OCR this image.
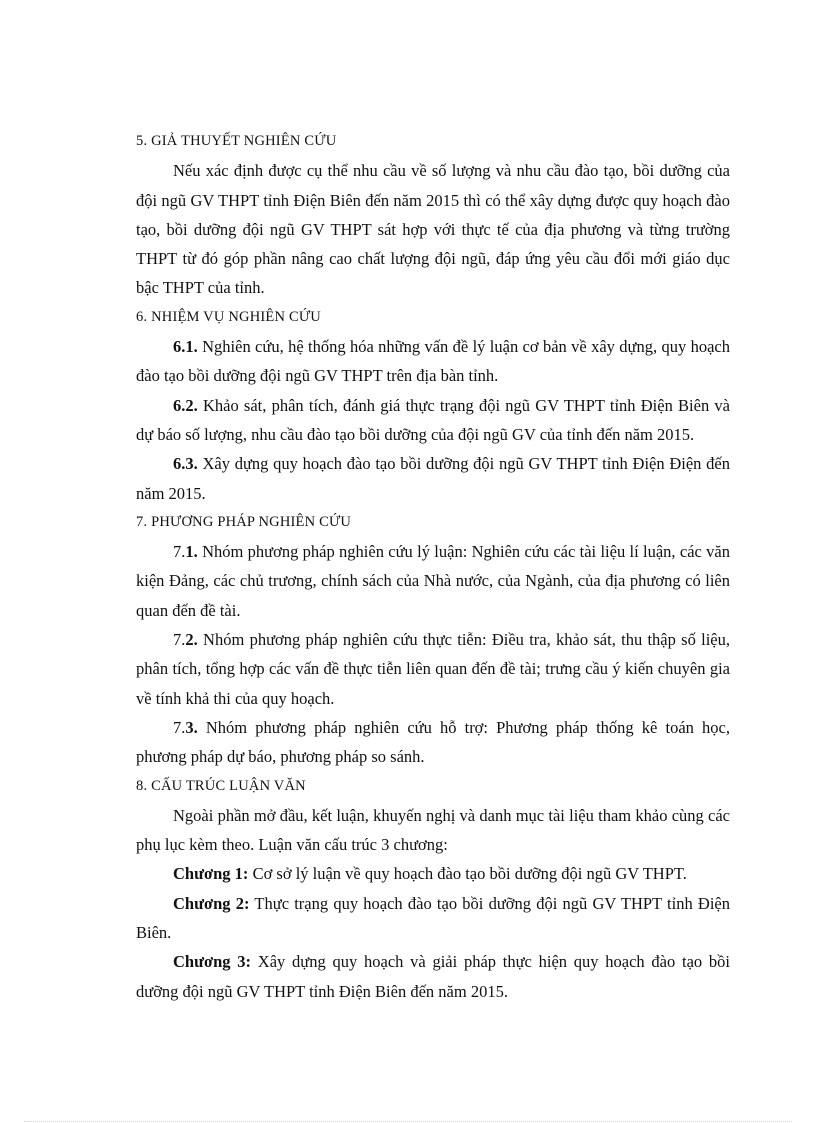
5. GIẢ THUYẾT NGHIÊN CỨU

Nếu xác định được cụ thể nhu cầu về số lượng và nhu cầu đào tạo, bồi dưỡng của đội ngũ GV THPT tỉnh Điện Biên đến năm 2015 thì có thể xây dựng được quy hoạch đào tạo, bồi dưỡng đội ngũ GV THPT sát hợp với thực tế của địa phương và từng trường THPT từ đó góp phần nâng cao chất lượng đội ngũ, đáp ứng yêu cầu đổi mới giáo dục bậc THPT của tỉnh.

6. NHIỆM VỤ NGHIÊN CỨU

6.1. Nghiên cứu, hệ thống hóa những vấn đề lý luận cơ bản về xây dựng, quy hoạch đào tạo bồi dưỡng đội ngũ GV THPT trên địa bàn tỉnh.

6.2. Khảo sát, phân tích, đánh giá thực trạng đội ngũ GV THPT tỉnh Điện Biên và dự báo số lượng, nhu cầu đào tạo bồi dưỡng của đội ngũ GV của tỉnh đến năm 2015.

6.3. Xây dựng quy hoạch đào tạo bồi dưỡng đội ngũ GV THPT tỉnh Điện Điện đến năm 2015.

7. PHƯƠNG PHÁP NGHIÊN CỨU

7.1. Nhóm phương pháp nghiên cứu lý luận: Nghiên cứu các tài liệu lí luận, các văn kiện Đảng, các chủ trương, chính sách của Nhà nước, của Ngành, của địa phương có liên quan đến đề tài.

7.2. Nhóm phương pháp nghiên cứu thực tiễn: Điều tra, khảo sát, thu thập số liệu, phân tích, tổng hợp các vấn đề thực tiễn liên quan đến đề tài; trưng cầu ý kiến chuyên gia về tính khả thi của quy hoạch.

7.3. Nhóm phương pháp nghiên cứu hỗ trợ: Phương pháp thống kê toán học, phương pháp dự báo, phương pháp so sánh.

8. CẤU TRÚC LUẬN VĂN

Ngoài phần mở đầu, kết luận, khuyến nghị và danh mục tài liệu tham khảo cùng các phụ lục kèm theo. Luận văn cấu trúc 3 chương:

Chương 1: Cơ sở lý luận về quy hoạch đào tạo bồi dưỡng đội ngũ GV THPT.

Chương 2: Thực trạng quy hoạch đào tạo bồi dưỡng đội ngũ GV THPT tỉnh Điện Biên.

Chương 3: Xây dựng quy hoạch và giải pháp thực hiện quy hoạch đào tạo bồi dưỡng đội ngũ GV THPT tỉnh Điện Biên đến năm 2015.
